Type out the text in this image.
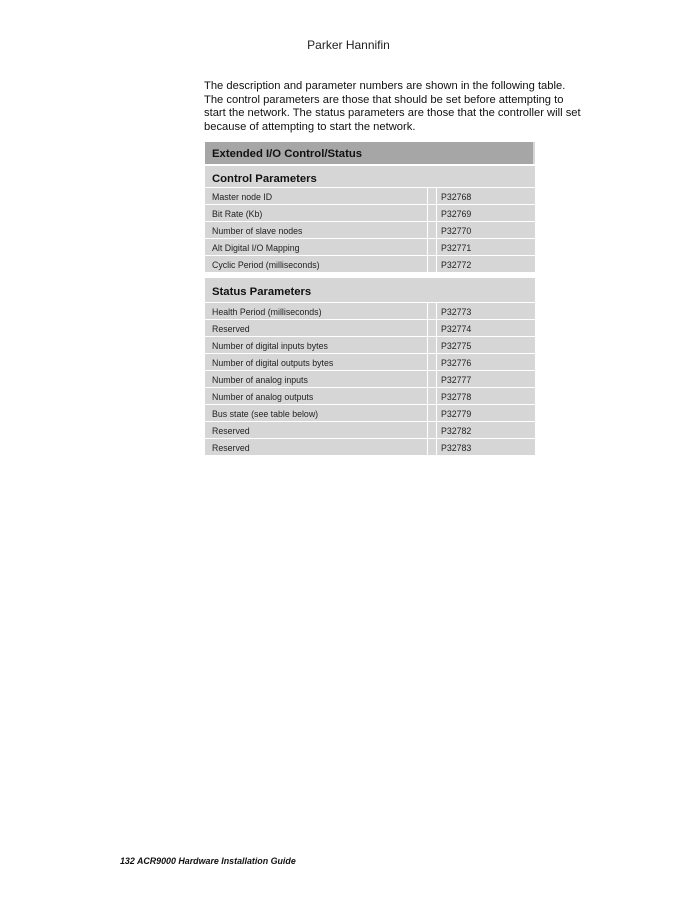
Parker Hannifin

The description and parameter numbers are shown in the following table.
The control parameters are those that should be set before attempting to
start the network. The status parameters are those that the controller will set
because of attempting to start the network.

Extended I/O Control/Status
Control Parameters
Master node ID	P32768
Bit Rate (Kb)	P32769
Number of slave nodes	P32770
Alt Digital I/O Mapping	P32771
Cyclic Period (milliseconds)	P32772
Status Parameters
Health Period (milliseconds)	P32773
Reserved	P32774
Number of digital inputs bytes	P32775
Number of digital outputs bytes	P32776
Number of analog inputs	P32777
Number of analog outputs	P32778
Bus state (see table below)	P32779
Reserved	P32782
Reserved	P32783
132 ACR9000 Hardware Installation Guide
